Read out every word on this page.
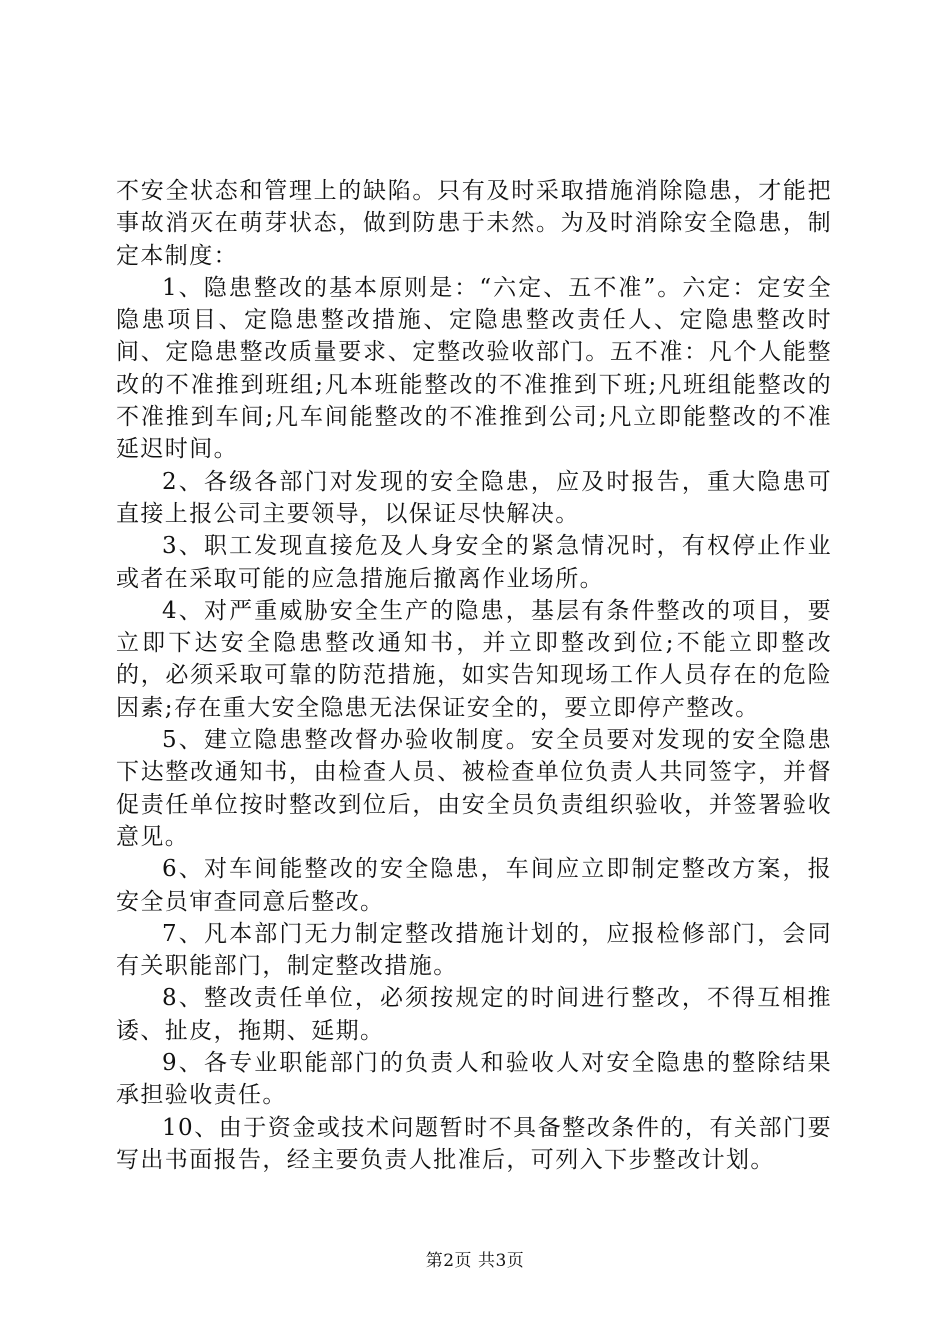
不安全状态和管理上的缺陷。只有及时采取措施消除隐患，才能把事故消灭在萌芽状态，做到防患于未然。为及时消除安全隐患，制定本制度：

1、隐患整改的基本原则是：“六定、五不准”。六定：定安全隐患项目、定隐患整改措施、定隐患整改责任人、定隐患整改时间、定隐患整改质量要求、定整改验收部门。五不准：凡个人能整改的不准推到班组;凡本班能整改的不准推到下班;凡班组能整改的不准推到车间;凡车间能整改的不准推到公司;凡立即能整改的不准延迟时间。

2、各级各部门对发现的安全隐患，应及时报告，重大隐患可直接上报公司主要领导，以保证尽快解决。

3、职工发现直接危及人身安全的紧急情况时，有权停止作业或者在采取可能的应急措施后撤离作业场所。

4、对严重威胁安全生产的隐患，基层有条件整改的项目，要立即下达安全隐患整改通知书，并立即整改到位;不能立即整改的，必须采取可靠的防范措施，如实告知现场工作人员存在的危险因素;存在重大安全隐患无法保证安全的，要立即停产整改。

5、建立隐患整改督办验收制度。安全员要对发现的安全隐患下达整改通知书，由检查人员、被检查单位负责人共同签字，并督促责任单位按时整改到位后，由安全员负责组织验收，并签署验收意见。

6、对车间能整改的安全隐患，车间应立即制定整改方案，报安全员审查同意后整改。

7、凡本部门无力制定整改措施计划的，应报检修部门，会同有关职能部门，制定整改措施。

8、整改责任单位，必须按规定的时间进行整改，不得互相推诿、扯皮，拖期、延期。

9、各专业职能部门的负责人和验收人对安全隐患的整除结果承担验收责任。

10、由于资金或技术问题暂时不具备整改条件的，有关部门要写出书面报告，经主要负责人批准后，可列入下步整改计划。

第2页 共3页
